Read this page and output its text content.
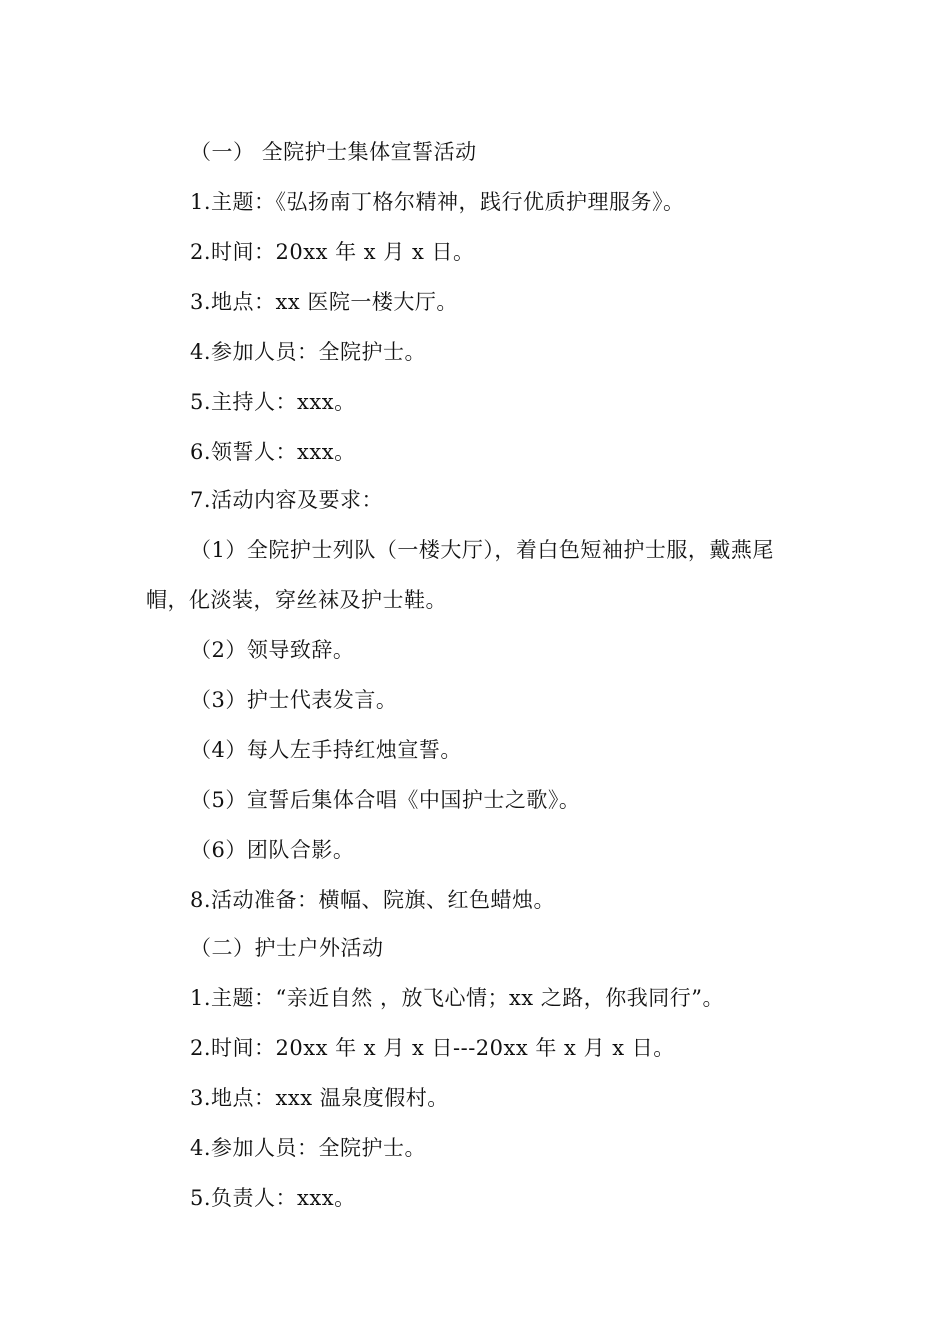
（一） 全院护士集体宣誓活动
1.主题：《弘扬南丁格尔精神，践行优质护理服务》。
2.时间：20xx 年 x 月 x 日。
3.地点：xx 医院一楼大厅。
4.参加人员：全院护士。
5.主持人：xxx。
6.领誓人：xxx。
7.活动内容及要求：
（1）全院护士列队（一楼大厅），着白色短袖护士服，戴燕尾
帽，化淡装，穿丝袜及护士鞋。
（2）领导致辞。
（3）护士代表发言。
（4）每人左手持红烛宣誓。
（5）宣誓后集体合唱《中国护士之歌》。
（6）团队合影。
8.活动准备：横幅、院旗、红色蜡烛。
（二）护士户外活动
1.主题：“亲近自然 ，放飞心情；xx 之路，你我同行”。
2.时间：20xx 年 x 月 x 日---20xx 年 x 月 x 日。
3.地点：xxx 温泉度假村。
4.参加人员：全院护士。
5.负责人：xxx。
